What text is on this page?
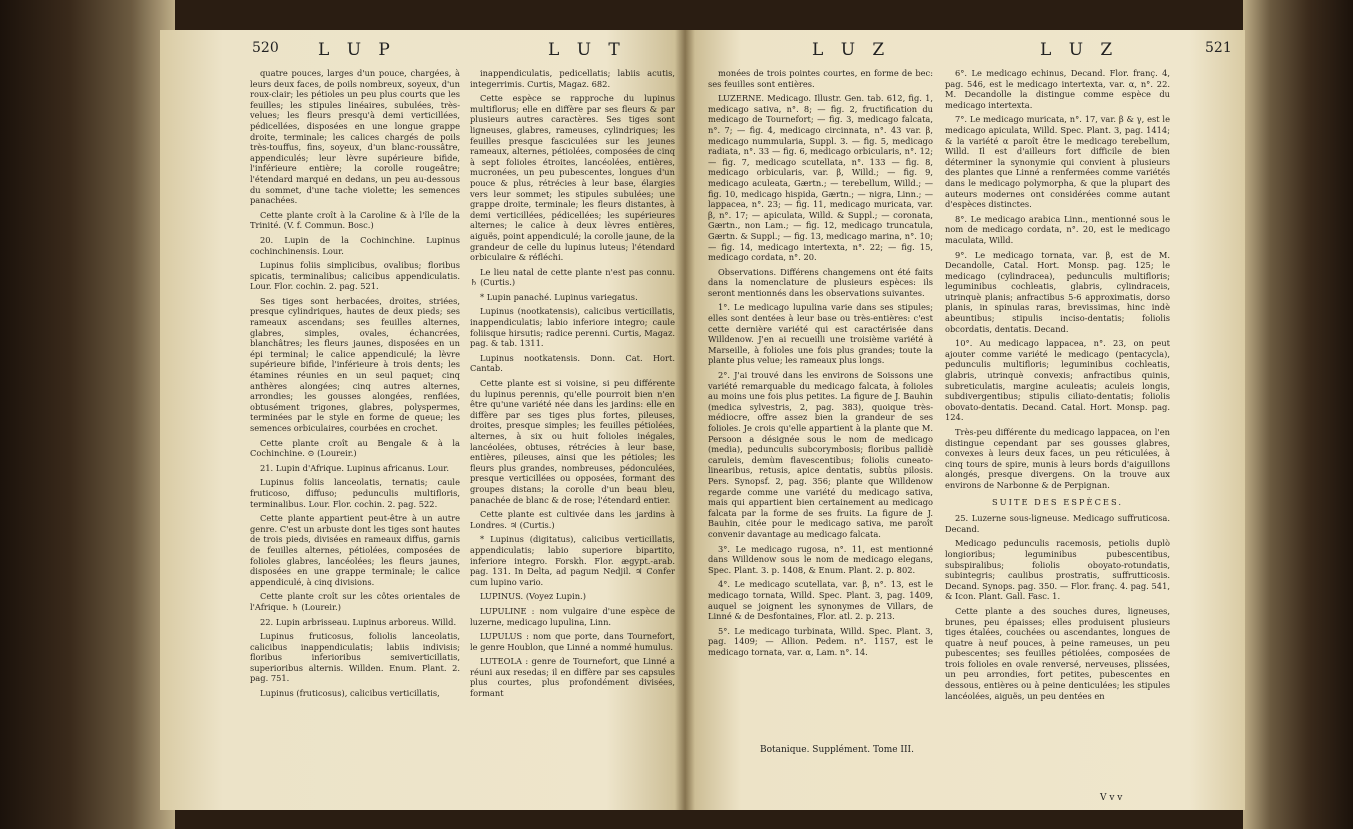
520 L U P	L U T	L U Z	L U Z	521

quatre pouces, larges d'un pouce, chargées, à leurs deux faces, de poils nombreux, soyeux, d'un roux-clair; les pétioles un peu plus courts que les feuilles; les stipules linéaires, subulées, très-velues; les fleurs presqu'à demi verticillées, pédicellées, disposées en une longue grappe droite, terminale; les calices chargés de poils très-touffus, fins, soyeux, d'un blanc-roussâtre, appendiculés; leur lèvre supérieure bifide, l'inférieure entière; la corolle rougeâtre; l'étendard marqué en dedans, un peu au-dessous du sommet, d'une tache violette; les semences panachées.

Cette plante croît à la Caroline & à l'île de la Trinité. (V. f. Commun. Bosc.)

20. Lupin de la Cochinchine. Lupinus cochinchinensis. Lour.

Lupinus foliis simplicibus, ovalibus; floribus spicatis, terminalibus; calicibus appendiculatis. Lour. Flor. cochin. 2. pag. 521.

Ses tiges sont herbacées, droites, striées, presque cylindriques, hautes de deux pieds; ses rameaux ascendans; ses feuilles alternes, glabres, simples, ovales, échancrées, blanchâtres; les fleurs jaunes, disposées en un épi terminal; le calice appendiculé; la lèvre supérieure bifide, l'inférieure à trois dents; les étamines réunies en un seul paquet; cinq anthères alongées; cinq autres alternes, arrondies; les gousses alongées, renflées, obtusément trigones, glabres, polyspermes, terminées par le style en forme de queue; les semences orbiculaires, courbées en crochet.

Cette plante croît au Bengale & à la Cochinchine. ⊙ (Loureir.)

21. Lupin d'Afrique. Lupinus africanus. Lour.

Lupinus foliis lanceolatis, ternatis; caule fruticoso, diffuso; pedunculis multifloris, terminalibus. Lour. Flor. cochin. 2. pag. 522.

Cette plante appartient peut-être à un autre genre. C'est un arbuste dont les tiges sont hautes de trois pieds, divisées en rameaux diffus, garnis de feuilles alternes, pétiolées, composées de folioles glabres, lancéolées; les fleurs jaunes, disposées en une grappe terminale; le calice appendiculé, à cinq divisions.

Cette plante croît sur les côtes orientales de l'Afrique. ♄ (Loureir.)

22. Lupin arbrisseau. Lupinus arboreus. Willd.

Lupinus fruticosus, foliolis lanceolatis, calicibus inappendiculatis; labiis indivisis; floribus inferioribus semiverticillatis, superioribus alternis. Willden. Enum. Plant. 2. pag. 751.

Lupinus (fruticosus), calicibus verticillatis,

inappendiculatis, pedicellatis; labiis acutis, integerrimis. Curtis, Magaz. 682.

Cette espèce se rapproche du lupinus multiflorus; elle en diffère par ses fleurs & par plusieurs autres caractères. Ses tiges sont ligneuses, glabres, rameuses, cylindriques; les feuilles presque fasciculées sur les jeunes rameaux, alternes, pétiolées, composées de cinq à sept folioles étroites, lancéolées, entières, mucronées, un peu pubescentes, longues d'un pouce & plus, rétrécies à leur base, élargies vers leur sommet; les stipules subulées; une grappe droite, terminale; les fleurs distantes, à demi verticillées, pédicellées; les supérieures alternes; le calice à deux lèvres entières, aiguës, point appendiculé; la corolle jaune, de la grandeur de celle du lupinus luteus; l'étendard orbiculaire & réfléchi.

Le lieu natal de cette plante n'est pas connu. ♄ (Curtis.)

* Lupin panaché. Lupinus variegatus.

Lupinus (nootkatensis), calicibus verticillatis, inappendiculatis; labio inferiore integro; caule foliisque hirsutis; radice perenni. Curtis, Magaz. pag. & tab. 1311.

Lupinus nootkatensis. Donn. Cat. Hort. Cantab.

Cette plante est si voisine, si peu différente du lupinus perennis, qu'elle pourroit bien n'en être qu'une variété née dans les jardins: elle en diffère par ses tiges plus fortes, pileuses, droites, presque simples; les feuilles pétiolées, alternes, à six ou huit folioles inégales, lancéolées, obtuses, rétrécies à leur base, entières, pileuses, ainsi que les pétioles; les fleurs plus grandes, nombreuses, pédonculées, presque verticillées ou opposées, formant des groupes distans; la corolle d'un beau bleu, panachée de blanc & de rose; l'étendard entier.

Cette plante est cultivée dans les jardins à Londres. ♃ (Curtis.)

* Lupinus (digitatus), calicibus verticillatis, appendiculatis; labio superiore bipartito, inferiore integro. Forskh. Flor. ægypt.-arab. pag. 131. In Delta, ad pagum Nedjil. ♃ Confer cum lupino vario.

LUPINUS. (Voyez Lupin.)

LUPULINE : nom vulgaire d'une espèce de luzerne, medicago lupulina, Linn.

LUPULUS : nom que porte, dans Tournefort, le genre Houblon, que Linné a nommé humulus.

LUTEOLA : genre de Tournefort, que Linné a réuni aux resedas; il en diffère par ses capsules plus courtes, plus profondément divisées, formant

monées de trois pointes courtes, en forme de bec: ses feuilles sont entières.

LUZERNE. Medicago. Illustr. Gen. tab. 612, fig. 1, medicago sativa, n°. 8; — fig. 2, fructification du medicago de Tournefort; — fig. 3, medicago falcata, n°. 7; — fig. 4, medicago circinnata, n°. 43 var. β, medicago nummularia, Suppl. 3. — fig. 5, medicago radiata, n°. 33 — fig. 6, medicago orbicularis, n°. 12; — fig. 7, medicago scutellata, n°. 133 — fig. 8, medicago orbicularis, var. β, Willd.; — fig. 9, medicago aculeata, Gærtn.; — terebellum, Willd.; — fig. 10, medicago hispida, Gærtn.; — nigra, Linn.; — lappacea, n°. 23; — fig. 11, medicago muricata, var. β, n°. 17; — apiculata, Willd. & Suppl.; — coronata, Gærtn., non Lam.; — fig. 12, medicago truncatula, Gærtn. & Suppl.; — fig. 13, medicago marina, n°. 10; — fig. 14, medicago intertexta, n°. 22; — fig. 15, medicago cordata, n°. 20.

Observations. Différens changemens ont été faits dans la nomenclature de plusieurs espèces: ils seront mentionnés dans les observations suivantes.

1°. Le medicago lupulina varie dans ses stipules; elles sont dentées à leur base ou très-entières: c'est cette dernière variété qui est caractérisée dans Willdenow. J'en ai recueilli une troisième variété à Marseille, à folioles une fois plus grandes; toute la plante plus velue; les rameaux plus longs.

2°. J'ai trouvé dans les environs de Soissons une variété remarquable du medicago falcata, à folioles au moins une fois plus petites. La figure de J. Bauhin (medica sylvestris, 2, pag. 383), quoique très-médiocre, offre assez bien la grandeur de ses folioles. Je crois qu'elle appartient à la plante que M. Persoon a désignée sous le nom de medicago (media), pedunculis subcorymbosis; floribus pallidè caruleis, demùm flavescentibus; foliolis cuneato-linearibus, retusis, apice dentatis, subtùs pilosis. Pers. Synopsf. 2, pag. 356; plante que Willdenow regarde comme une variété du medicago sativa, mais qui appartient bien certainement au medicago falcata par la forme de ses fruits. La figure de J. Bauhin, citée pour le medicago sativa, me paroît convenir davantage au medicago falcata.

3°. Le medicago rugosa, n°. 11, est mentionné dans Willdenow sous le nom de medicago elegans, Spec. Plant. 3. p. 1408, & Enum. Plant. 2. p. 802.

4°. Le medicago scutellata, var. β, n°. 13, est le medicago tornata, Willd. Spec. Plant. 3, pag. 1409, auquel se joignent les synonymes de Villars, de Linné & de Desfontaines, Flor. atl. 2. p. 213.

5°. Le medicago turbinata, Willd. Spec. Plant. 3, pag. 1409; — Allion. Pedem. n°. 1157, est le medicago tornata, var. α, Lam. n°. 14.

Botanique. Supplément. Tome III.

6°. Le medicago echinus, Decand. Flor. franç. 4, pag. 546, est le medicago intertexta, var. α, n°. 22. M. Decandolle la distingue comme espèce du medicago intertexta.

7°. Le medicago muricata, n°. 17, var. β & γ, est le medicago apiculata, Willd. Spec. Plant. 3, pag. 1414; & la variété α paroît être le medicago terebellum, Willd. Il est d'ailleurs fort difficile de bien déterminer la synonymie qui convient à plusieurs des plantes que Linné a renfermées comme variétés dans le medicago polymorpha, & que la plupart des auteurs modernes ont considérées comme autant d'espèces distinctes.

8°. Le medicago arabica Linn., mentionné sous le nom de medicago cordata, n°. 20, est le medicago maculata, Willd.

9°. Le medicago tornata, var. β, est de M. Decandolle, Catal. Hort. Monsp. pag. 125; le medicago (cylindracea), pedunculis multifloris; leguminibus cochleatis, glabris, cylindraceis, utrinquè planis; anfractibus 5-6 approximatis, dorso planis, in spinulas raras, brevissimas, hinc indè abeuntibus; stipulis inciso-dentatis; foliolis obcordatis, dentatis. Decand.

10°. Au medicago lappacea, n°. 23, on peut ajouter comme variété le medicago (pentacycla), pedunculis multifloris; leguminibus cochleatis, glabris, utrinquè convexis; anfractibus quinis, subreticulatis, margine aculeatis; aculeis longis, subdivergentibus; stipulis ciliato-dentatis; foliolis obovato-dentatis. Decand. Catal. Hort. Monsp. pag. 124.

Très-peu différente du medicago lappacea, on l'en distingue cependant par ses gousses glabres, convexes à leurs deux faces, un peu réticulées, à cinq tours de spire, munis à leurs bords d'aiguillons alongés, presque divergens. On la trouve aux environs de Narbonne & de Perpignan.

SUITE DES ESPÈCES.

25. Luzerne sous-ligneuse. Medicago suffruticosa. Decand.

Medicago pedunculis racemosis, petiolis duplò longioribus; leguminibus pubescentibus, subspiralibus; foliolis oboyato-rotundatis, subintegris; caulibus prostratis, suffrutticosis. Decand. Synops. pag. 350. — Flor. franç. 4. pag. 541, & Icon. Plant. Gall. Fasc. 1.

Cette plante a des souches dures, ligneuses, brunes, peu épaisses; elles produisent plusieurs tiges étalées, couchées ou ascendantes, longues de quatre à neuf pouces, à peine rameuses, un peu pubescentes; ses feuilles pétiolées, composées de trois folioles en ovale renversé, nerveuses, plissées, un peu arrondies, fort petites, pubescentes en dessous, entières ou à peine denticulées; les stipules lancéolées, aiguës, un peu dentées en

V v v
